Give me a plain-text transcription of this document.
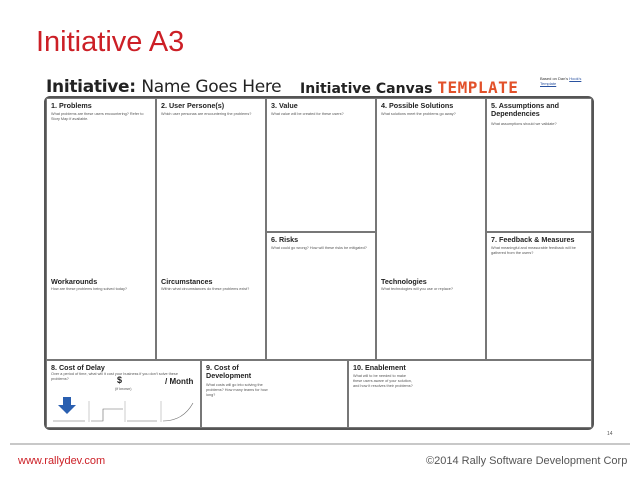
Initiative A3
Initiative: Name Goes Here Initiative Canvas TEMPLATE	Based on Dan's Hook's Template
1. Problems
What problems are these users encountering? Refer to Story Map if available.
Workarounds
How are these problems being solved today?
2. User Persone(s)
Which user personas are encountering the problems?
Circumstances
Within what circumstances do these problems exist?
3. Value
What value will be created for these users?
6. Risks
What could go wrong? How will these risks be mitigated?
4. Possible Solutions
What solutions meet the problems go away?
Technologies
What technologies will you use or replace?
5. Assumptions and Dependencies
What assumptions should we validate?
7. Feedback & Measures
What meaningful and measurable feedback will be gathered from the users?
8. Cost of Delay
Over a period of time, what will it cost your business if you don't solve these problems?	$	/ Month
(if known)
9. Cost of Development
What costs will go into solving the problems? How many teams for how long?
10. Enablement
What will to be needed to make these users aware of your solution, and how it resolves their problems?
14
www.rallydev.com	©2014 Rally Software Development Corp
